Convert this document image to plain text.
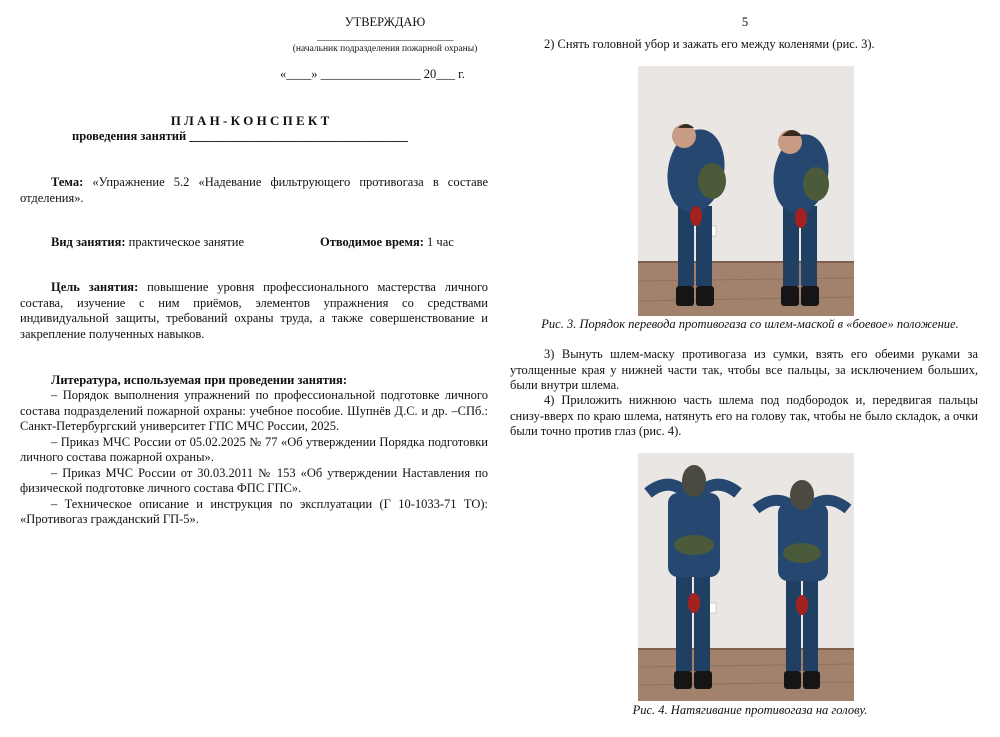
УТВЕРЖДАЮ
________________________________
(начальник подразделения пожарной охраны)
«____» ________________ 20___ г.
П Л А Н - К О Н С П Е К Т
проведения занятий ___________________________________
Тема: «Упражнение 5.2 «Надевание фильтрующего противогаза в составе отделения».
Вид занятия: практическое занятие	Отводимое время: 1 час
Цель занятия: повышение уровня профессионального мастерства личного состава, изучение с ним приёмов, элементов упражнения со средствами индивидуальной защиты, требований охраны труда, а также совершенствование и закрепление полученных навыков.
Литература, используемая при проведении занятия:
– Порядок выполнения упражнений по профессиональной подготовке личного состава подразделений пожарной охраны: учебное пособие. Шупнёв Д.С. и др. –СПб.: Санкт-Петербургский университет ГПС МЧС России, 2025.
– Приказ МЧС России от 05.02.2025 № 77 «Об утверждении Порядка подготовки личного состава пожарной охраны».
– Приказ МЧС России от 30.03.2011 № 153 «Об утверждении Наставления по физической подготовке личного состава ФПС ГПС».
– Техническое описание и инструкция по эксплуатации (Г 10-1033-71 ТО): «Противогаз гражданский ГП-5».
5
2) Снять головной убор и зажать его между коленями (рис. 3).
Рис. 3. Порядок перевода противогаза со шлем-маской в «боевое» положение.
3) Вынуть шлем-маску противогаза из сумки, взять его обеими руками за утолщенные края у нижней части так, чтобы все пальцы, за исключением больших, были внутри шлема.
4) Приложить нижнюю часть шлема под подбородок и, передвигая пальцы снизу-вверх по краю шлема, натянуть его на голову так, чтобы не было складок, а очки были точно против глаз (рис. 4).
Рис. 4. Натягивание противогаза на голову.
